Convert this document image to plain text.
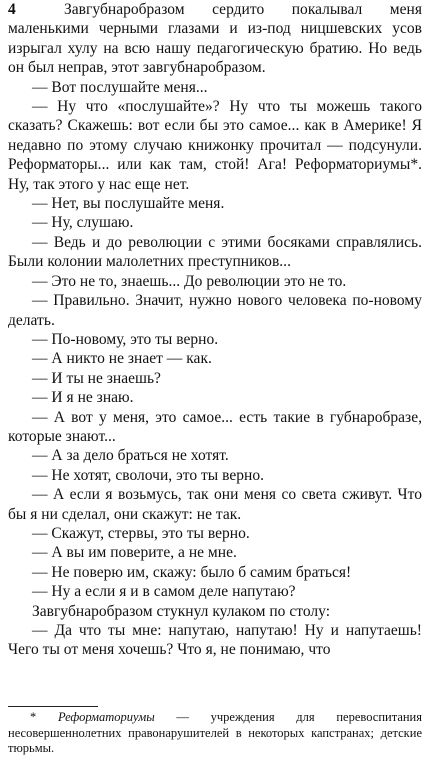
4	Завгубнаробразом сердито покалывал меня маленькими черными глазами и из-под ницшевских усов изрыгал хулу на всю нашу педагогическую братию. Но ведь он был неправ, этот завгубнаробразом.

— Вот послушайте меня...

— Ну что «послушайте»? Ну что ты можешь такого сказать? Скажешь: вот если бы это самое... как в Америке! Я недавно по этому случаю книжонку прочитал — подсунули. Реформаторы... или как там, стой! Ага! Реформаториумы*. Ну, так этого у нас еще нет.

— Нет, вы послушайте меня.

— Ну, слушаю.

— Ведь и до революции с этими босяками справлялись. Были колонии малолетних преступников...

— Это не то, знаешь... До революции это не то.

— Правильно. Значит, нужно нового человека по-новому делать.

— По-новому, это ты верно.

— А никто не знает — как.

— И ты не знаешь?

— И я не знаю.

— А вот у меня, это самое... есть такие в губнаробразе, которые знают...

— А за дело браться не хотят.

— Не хотят, сволочи, это ты верно.

— А если я возьмусь, так они меня со света сживут. Что бы я ни сделал, они скажут: не так.

— Скажут, стервы, это ты верно.

— А вы им поверите, а не мне.

— Не поверю им, скажу: было б самим браться!

— Ну а если я и в самом деле напутаю?

Завгубнаробразом стукнул кулаком по столу:

— Да что ты мне: напутаю, напутаю! Ну и напутаешь! Чего ты от меня хочешь? Что я, не понимаю, что

* Реформаториумы — учреждения для перевоспитания несовершеннолетних правонарушителей в некоторых капстранах; детские тюрьмы.
